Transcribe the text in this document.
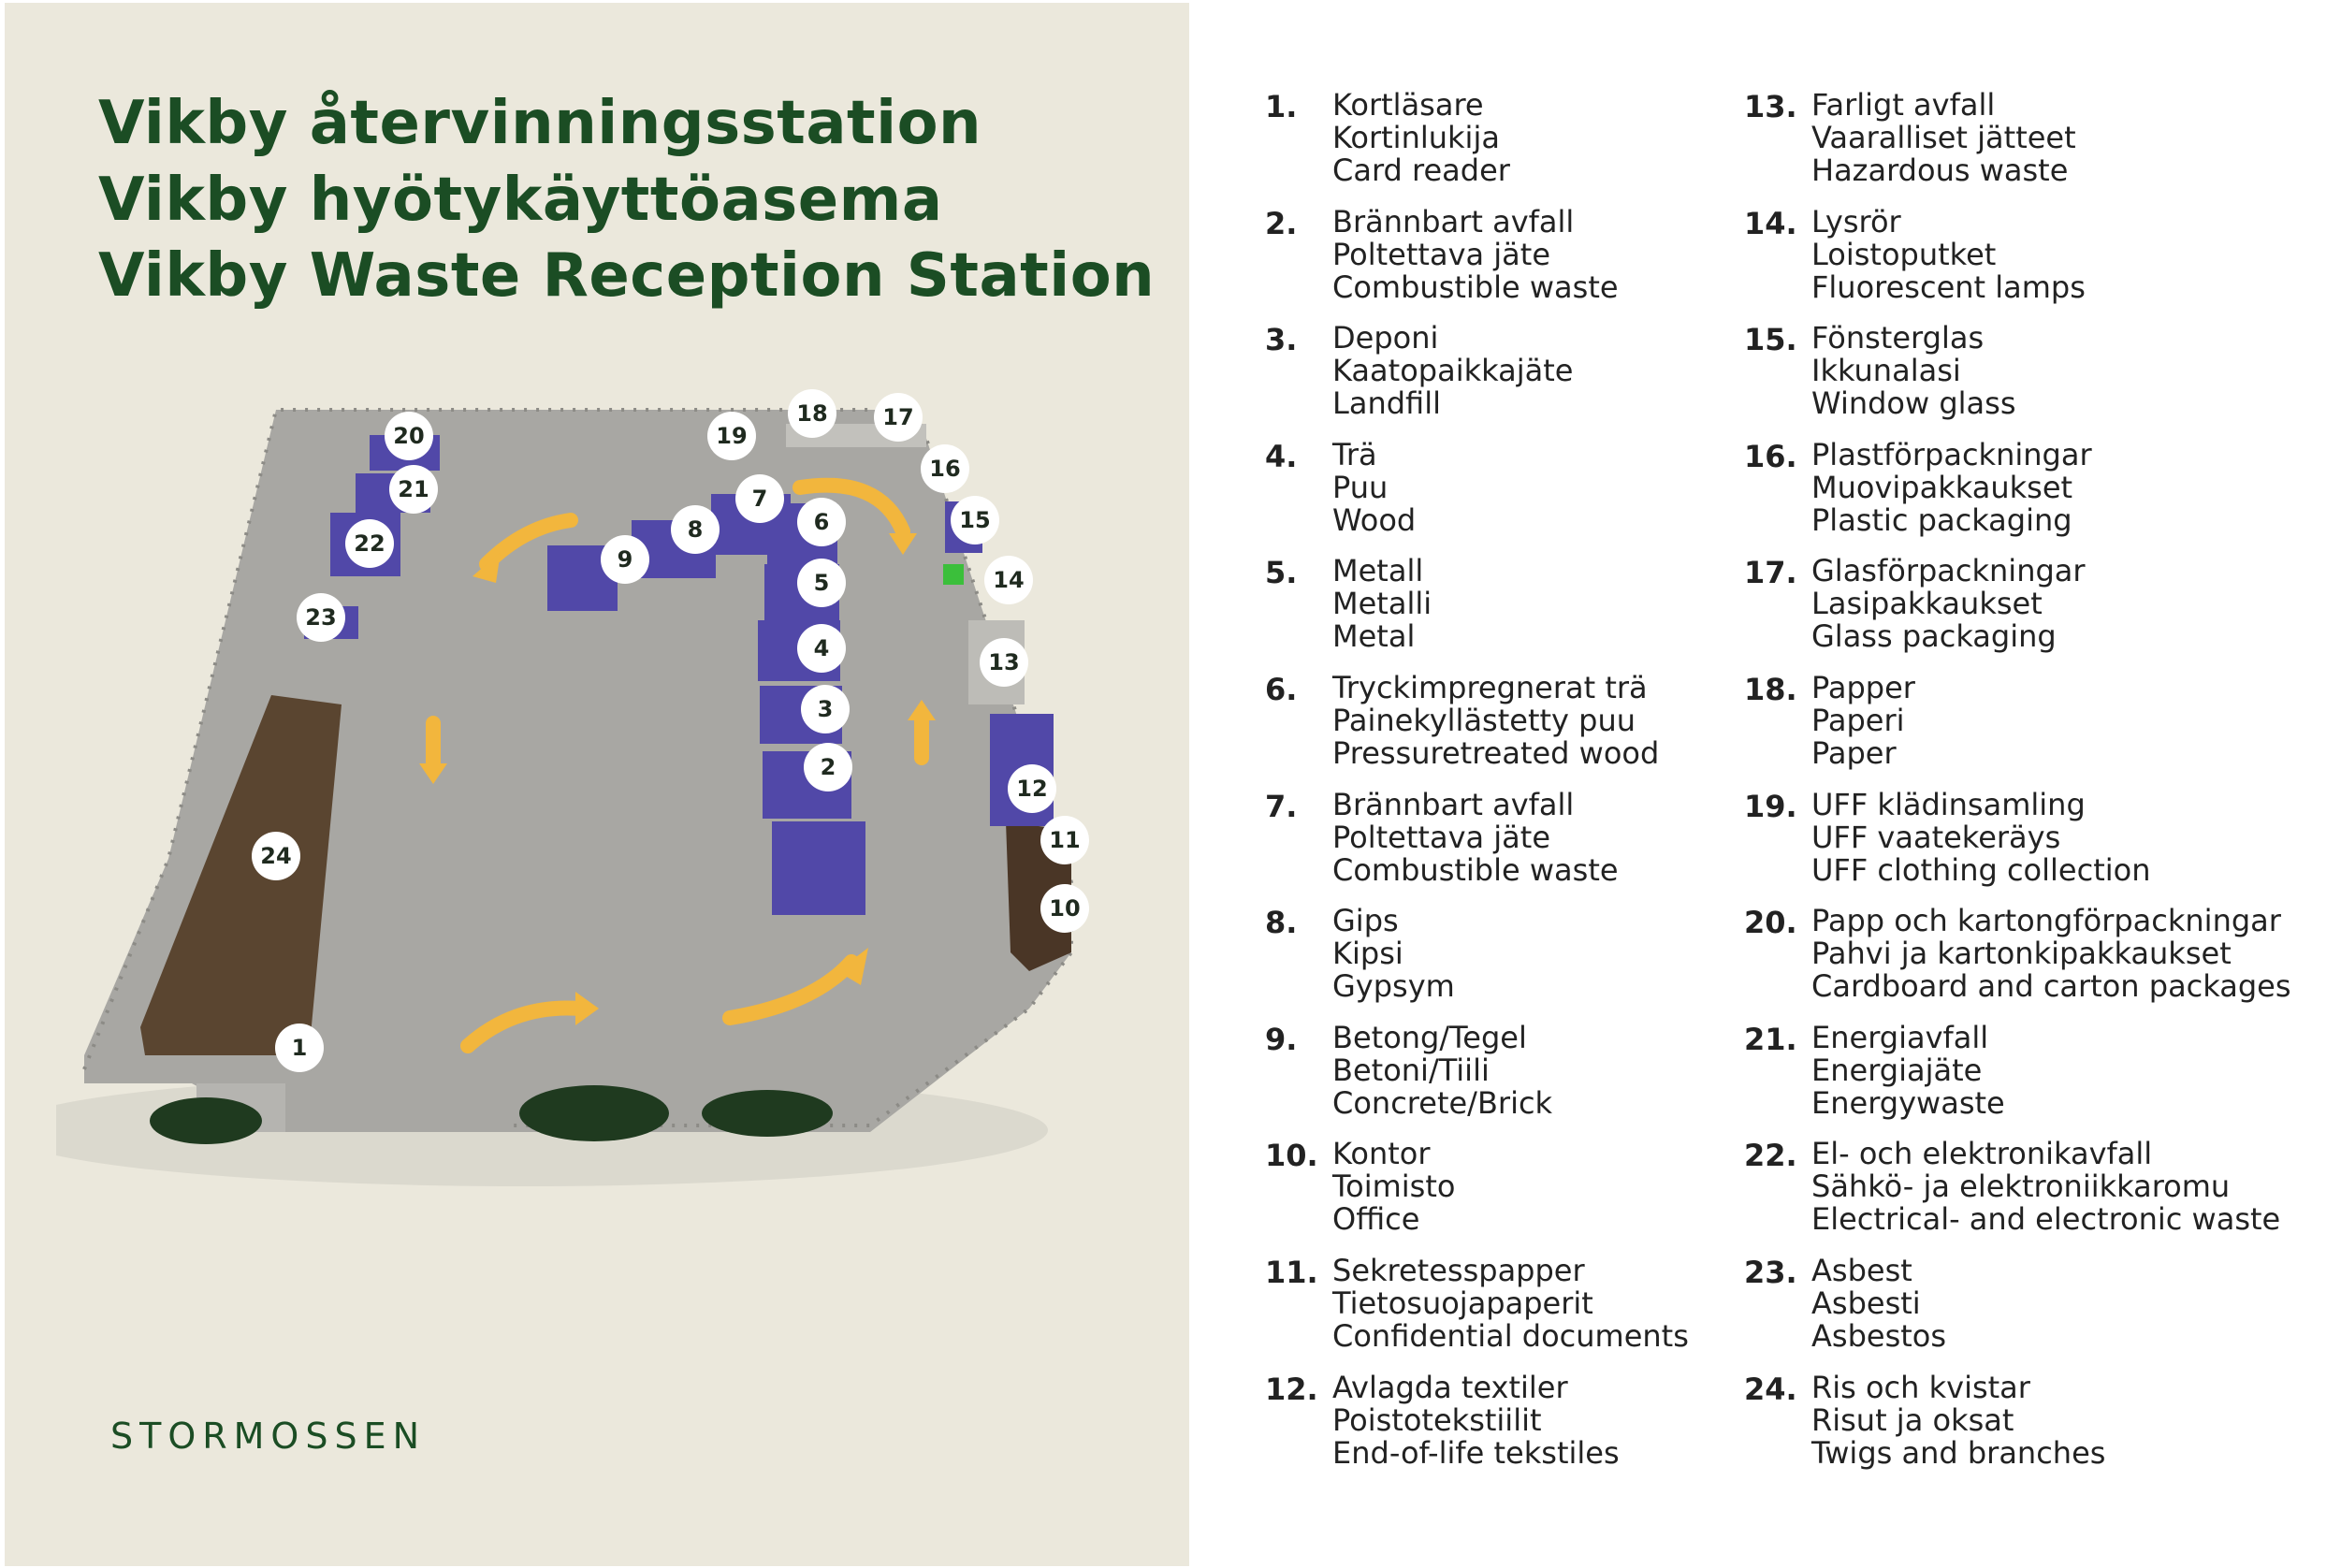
Vikby återvinningsstation
Vikby hyötykäyttöasema
Vikby Waste Reception Station
1
2
3
4
5
6
7
8
9
10
11
12
13
14
15
16
17
18
19
20
21
22
23
24
STORMOSSEN
1. Kortläsare
Kortinlukija
Card reader
2. Brännbart avfall
Poltettava jäte
Combustible waste
3. Deponi
Kaatopaikkajäte
Landfill
4. Trä
Puu
Wood
5. Metall
Metalli
Metal
6. Tryckimpregnerat trä
Painekyllästetty puu
Pressuretreated wood
7. Brännbart avfall
Poltettava jäte
Combustible waste
8. Gips
Kipsi
Gypsym
9. Betong/Tegel
Betoni/Tiili
Concrete/Brick
10. Kontor
Toimisto
Office
11. Sekretesspapper
Tietosuojapaperit
Confidential documents
12. Avlagda textiler
Poistotekstiilit
End-of-life tekstiles
13. Farligt avfall
Vaaralliset jätteet
Hazardous waste
14. Lysrör
Loistoputket
Fluorescent lamps
15. Fönsterglas
Ikkunalasi
Window glass
16. Plastförpackningar
Muovipakkaukset
Plastic packaging
17. Glasförpackningar
Lasipakkaukset
Glass packaging
18. Papper
Paperi
Paper
19. UFF klädinsamling
UFF vaatekeräys
UFF clothing collection
20. Papp och kartongförpackningar
Pahvi ja kartonkipakkaukset
Cardboard and carton packages
21. Energiavfall
Energiajäte
Energywaste
22. El- och elektronikavfall
Sähkö- ja elektroniikkaromu
Electrical- and electronic waste
23. Asbest
Asbesti
Asbestos
24. Ris och kvistar
Risut ja oksat
Twigs and branches
